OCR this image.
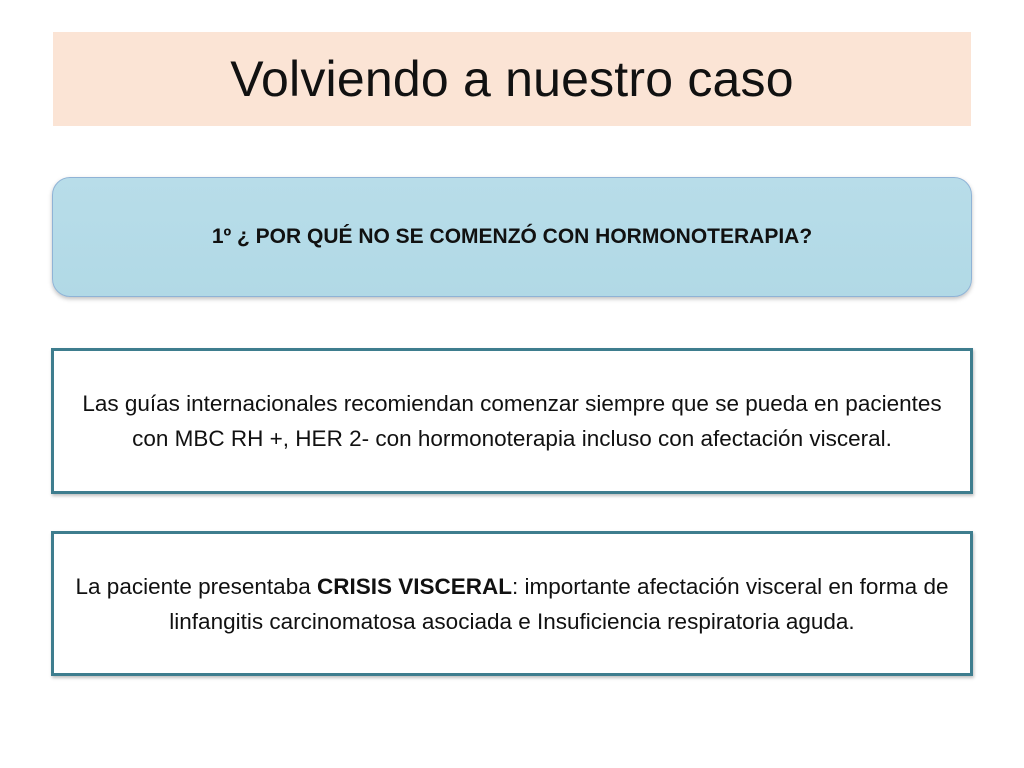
Volviendo a nuestro caso
1º ¿ POR QUÉ NO SE COMENZÓ CON HORMONOTERAPIA?
Las guías internacionales recomiendan comenzar siempre que se pueda en pacientes con MBC RH +, HER 2- con hormonoterapia incluso con afectación visceral.
La paciente presentaba CRISIS VISCERAL: importante afectación visceral en forma de linfangitis carcinomatosa asociada e Insuficiencia respiratoria aguda.
